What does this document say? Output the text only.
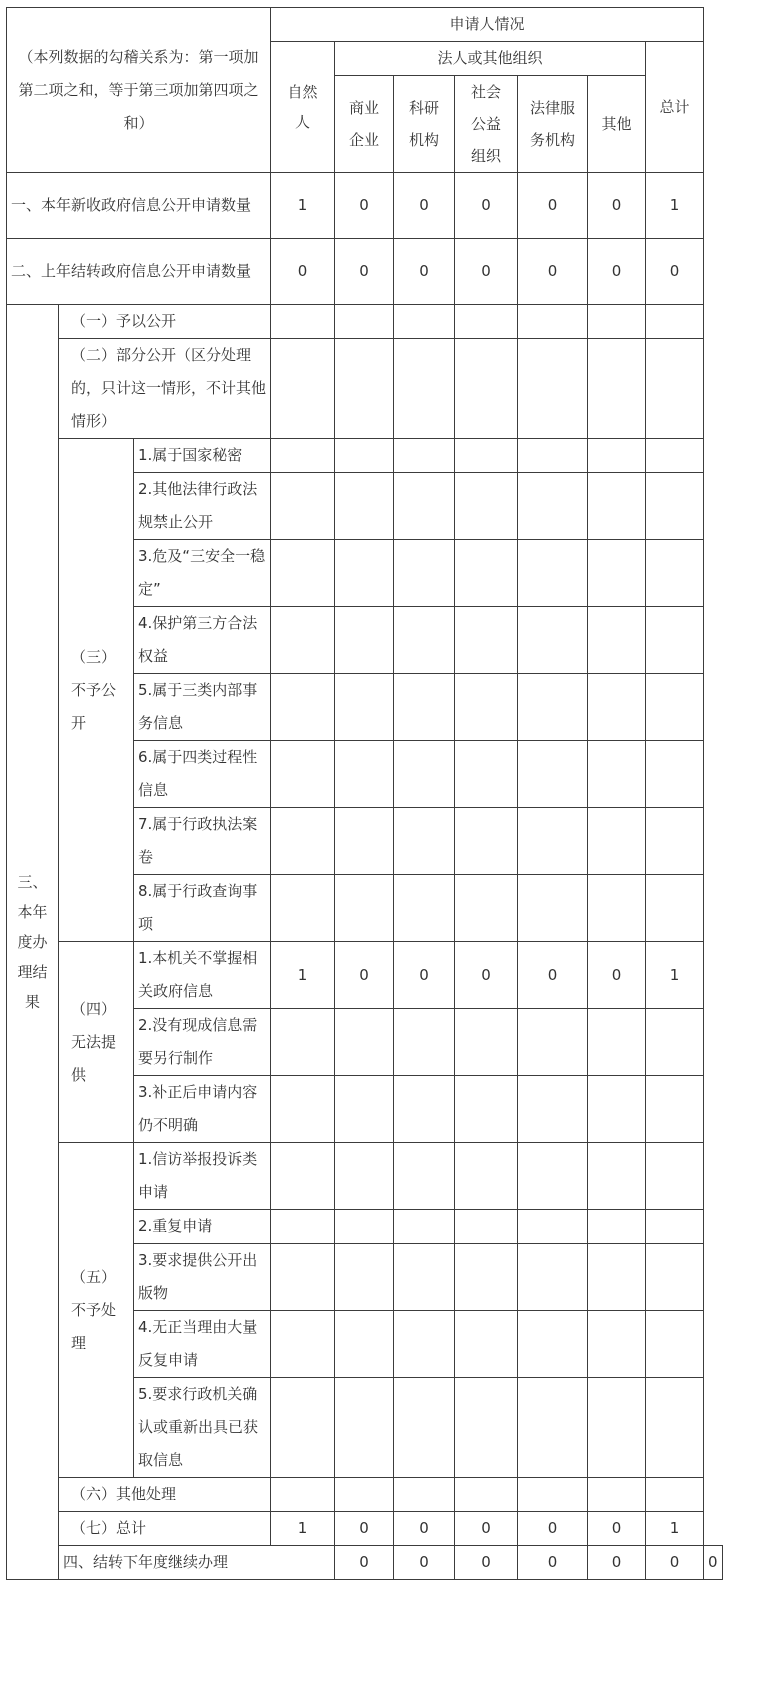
（本列数据的勾稽关系为：第一项加第二项之和，等于第三项加第四项之和）			申请人情况							
			自然人	法人或其他组织					总计	
				商业企业	科研机构	社会公益组织	法律服务机构	其他		
一、本年新收政府信息公开申请数量			1	0	0	0	0	0	1	
二、上年结转政府信息公开申请数量			0	0	0	0	0	0	0	
三、本年度办理结果	（一）予以公开									
	（二）部分公开（区分处理的，只计这一情形，不计其他情形）									
	（三）不予公开	1.属于国家秘密								
		2.其他法律行政法规禁止公开								
		3.危及“三安全一稳定”								
		4.保护第三方合法权益								
		5.属于三类内部事务信息								
		6.属于四类过程性信息								
		7.属于行政执法案卷								
		8.属于行政查询事项								
	（四）无法提供	1.本机关不掌握相关政府信息	1	0	0	0	0	0	1	
		2.没有现成信息需要另行制作								
		3.补正后申请内容仍不明确								
	（五）不予处理	1.信访举报投诉类申请								
		2.重复申请								
		3.要求提供公开出版物								
		4.无正当理由大量反复申请								
		5.要求行政机关确认或重新出具已获取信息								
	（六）其他处理									
	（七）总计		1	0	0	0	0	0	1	
	四、结转下年度继续办理			0	0	0	0	0	0	0
